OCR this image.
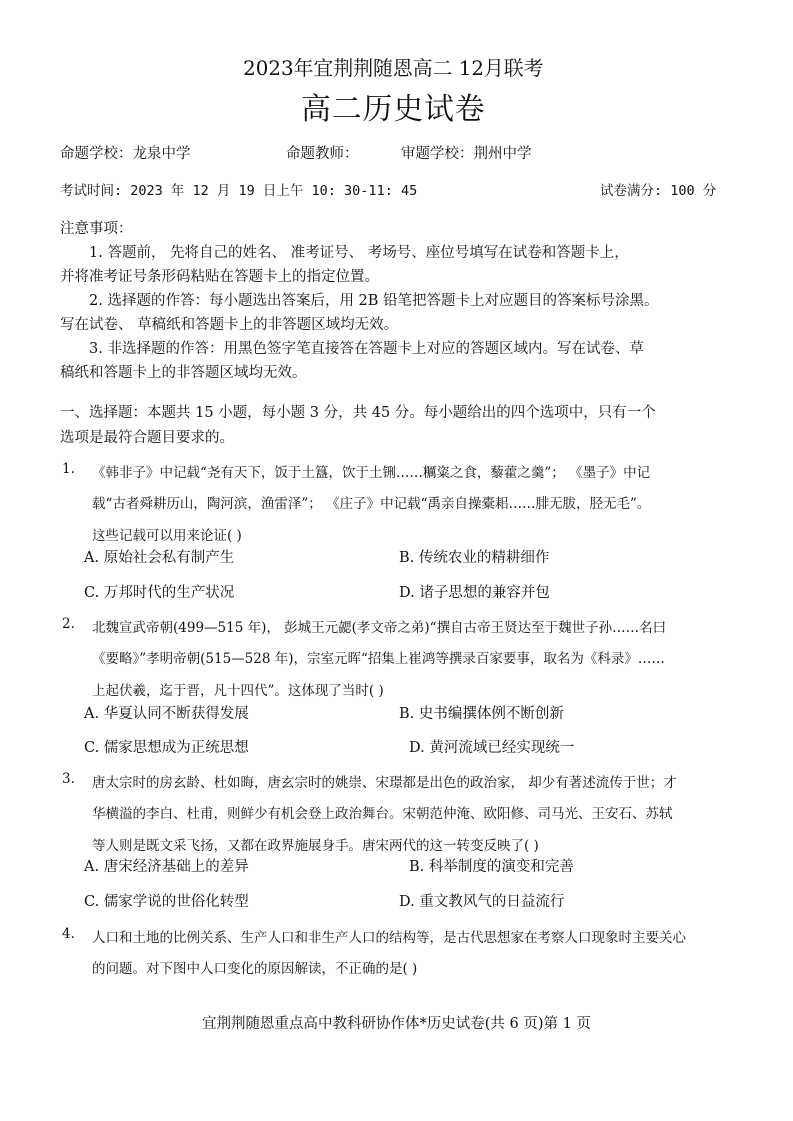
2023年宜荆荆随恩高二 12月联考
高二历史试卷
命题学校：龙泉中学	命题教师：	审题学校：荆州中学
考试时间: 2023 年 12 月 19 日上午 10: 30-11: 45	试卷满分: 100 分
注意事项：
1. 答题前， 先将自己的姓名、 准考证号、 考场号、座位号填写在试卷和答题卡上，
并将准考证号条形码粘贴在答题卡上的指定位置。
2. 选择题的作答：每小题选出答案后，用 2B 铅笔把答题卡上对应题目的答案标号涂黑。
写在试卷、 草稿纸和答题卡上的非答题区域均无效。
3. 非选择题的作答：用黑色签字笔直接答在答题卡上对应的答题区域内。写在试卷、草
稿纸和答题卡上的非答题区域均无效。
一、选择题：本题共 15 小题，每小题 3 分，共 45 分。每小题给出的四个选项中，只有一个
选项是最符合题目要求的。
1. 《韩非子》中记载“尧有天下，饭于土簋，饮于土铏……糲粢之食，藜藿之羹”； 《墨子》中记
载“古者舜耕历山，陶河滨，渔雷泽”； 《庄子》中记载“禹亲自操橐耜……腓无胈，胫无毛”。
这些记载可以用来论证( )
A. 原始社会私有制产生	B. 传统农业的精耕细作
C. 万邦时代的生产状况	D. 诸子思想的兼容并包
2. 北魏宣武帝朝(499—515 年)， 彭城王元勰(孝文帝之弟)“撰自古帝王贤达至于魏世子孙……名曰
《要略》”孝明帝朝(515—528 年)，宗室元晖“招集上崔鸿等撰录百家要事，取名为《科录》……
上起伏羲，迄于晋，凡十四代”。这体现了当时( )
A. 华夏认同不断获得发展	B. 史书编撰体例不断创新
C. 儒家思想成为正统思想	D. 黄河流域已经实现统一
3. 唐太宗时的房玄龄、杜如晦，唐玄宗时的姚崇、宋璟都是出色的政治家， 却少有著述流传于世；才
华横溢的李白、杜甫，则鲜少有机会登上政治舞台。宋朝范仲淹、欧阳修、司马光、王安石、苏轼
等人则是既文采飞扬，又都在政界施展身手。唐宋两代的这一转变反映了( )
A. 唐宋经济基础上的差异	B. 科举制度的演变和完善
C. 儒家学说的世俗化转型	D. 重文教风气的日益流行
4. 人口和土地的比例关系、生产人口和非生产人口的结构等，是古代思想家在考察人口现象时主要关心
的问题。对下图中人口变化的原因解读，不正确的是( )
宜荆荆随恩重点高中教科研协作体*历史试卷(共 6 页)第 1 页
